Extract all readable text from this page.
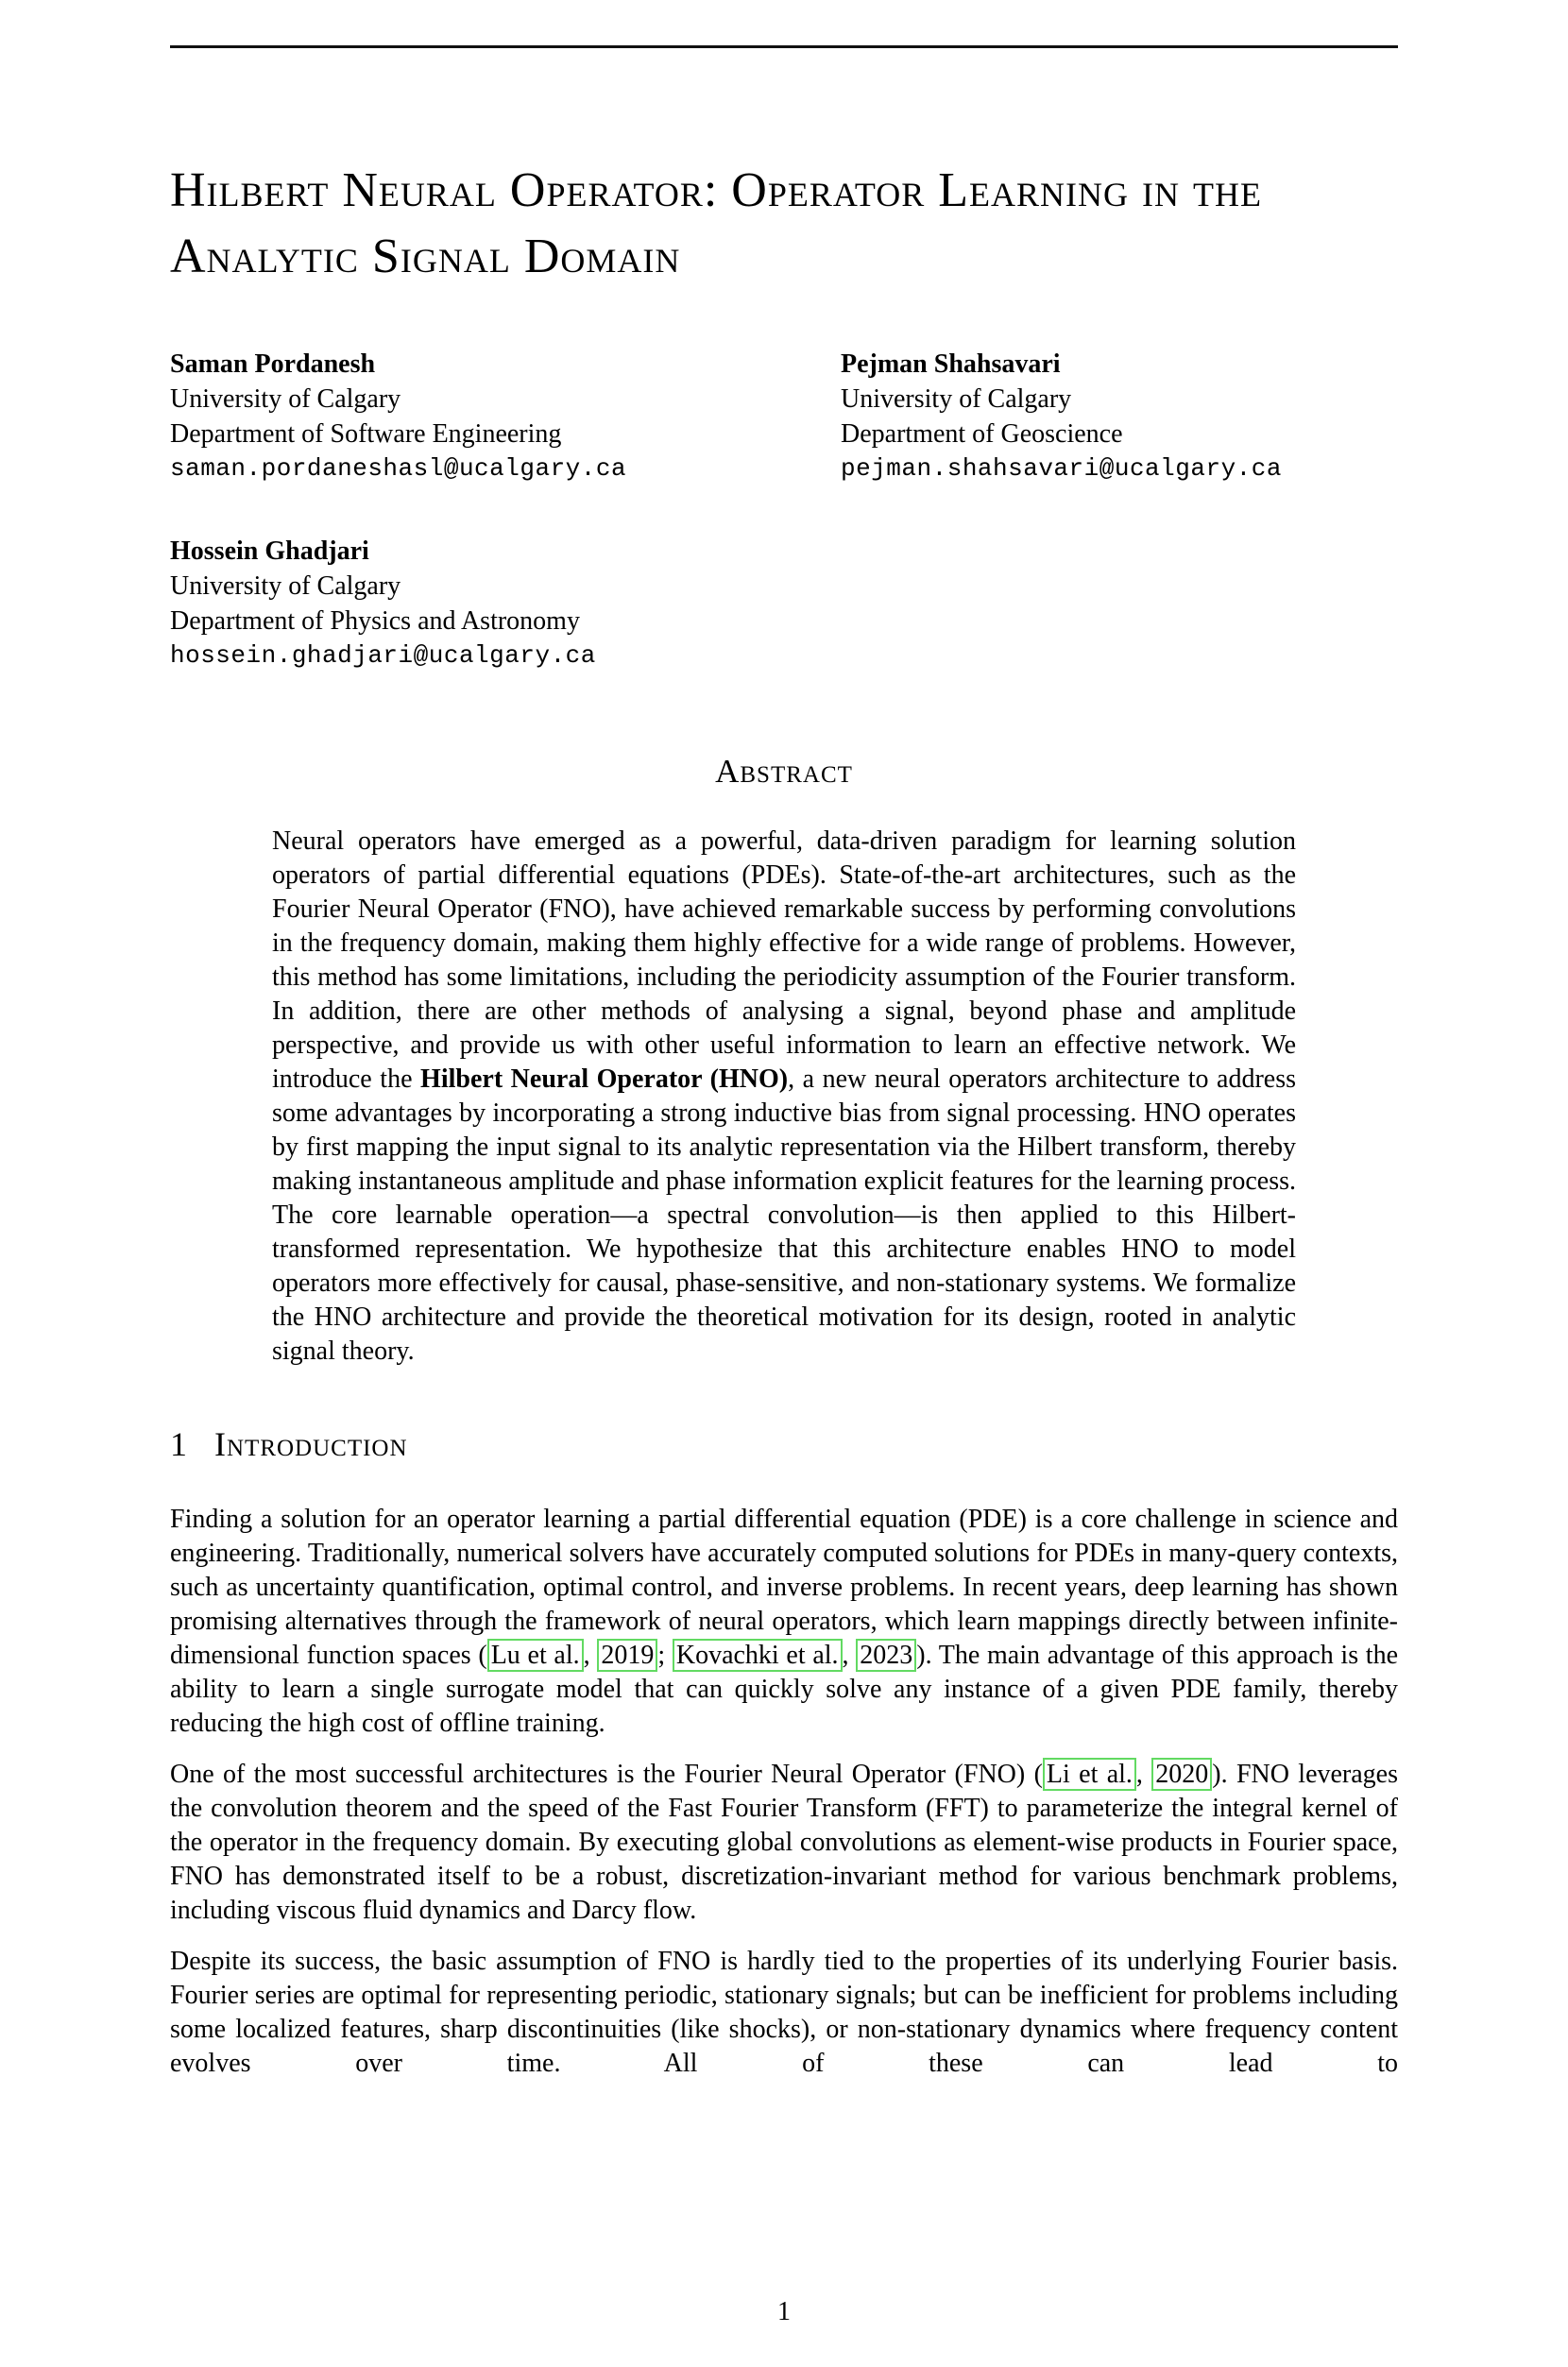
Hilbert Neural Operator: Operator Learning in the Analytic Signal Domain
Saman Pordanesh
University of Calgary
Department of Software Engineering
saman.pordaneshasl@ucalgary.ca
Pejman Shahsavari
University of Calgary
Department of Geoscience
pejman.shahsavari@ucalgary.ca
Hossein Ghadjari
University of Calgary
Department of Physics and Astronomy
hossein.ghadjari@ucalgary.ca
Abstract

Neural operators have emerged as a powerful, data-driven paradigm for learning solution operators of partial differential equations (PDEs). State-of-the-art architectures, such as the Fourier Neural Operator (FNO), have achieved remarkable success by performing convolutions in the frequency domain, making them highly effective for a wide range of problems. However, this method has some limitations, including the periodicity assumption of the Fourier transform. In addition, there are other methods of analysing a signal, beyond phase and amplitude perspective, and provide us with other useful information to learn an effective network. We introduce the Hilbert Neural Operator (HNO), a new neural operators architecture to address some advantages by incorporating a strong inductive bias from signal processing. HNO operates by first mapping the input signal to its analytic representation via the Hilbert transform, thereby making instantaneous amplitude and phase information explicit features for the learning process. The core learnable operation—a spectral convolution—is then applied to this Hilbert-transformed representation. We hypothesize that this architecture enables HNO to model operators more effectively for causal, phase-sensitive, and non-stationary systems. We formalize the HNO architecture and provide the theoretical motivation for its design, rooted in analytic signal theory.

1 Introduction

Finding a solution for an operator learning a partial differential equation (PDE) is a core challenge in science and engineering. Traditionally, numerical solvers have accurately computed solutions for PDEs in many-query contexts, such as uncertainty quantification, optimal control, and inverse problems. In recent years, deep learning has shown promising alternatives through the framework of neural operators, which learn mappings directly between infinite-dimensional function spaces ( Lu et al. , 2019 ; Kovachki et al. , 2023 ). The main advantage of this approach is the ability to learn a single surrogate model that can quickly solve any instance of a given PDE family, thereby reducing the high cost of offline training.

One of the most successful architectures is the Fourier Neural Operator (FNO) ( Li et al. , 2020 ). FNO leverages the convolution theorem and the speed of the Fast Fourier Transform (FFT) to parameterize the integral kernel of the operator in the frequency domain. By executing global convolutions as element-wise products in Fourier space, FNO has demonstrated itself to be a robust, discretization-invariant method for various benchmark problems, including viscous fluid dynamics and Darcy flow.

Despite its success, the basic assumption of FNO is hardly tied to the properties of its underlying Fourier basis. Fourier series are optimal for representing periodic, stationary signals; but can be inefficient for problems including some localized features, sharp discontinuities (like shocks), or non-stationary dynamics where frequency content evolves over time. All of these can lead to

1
